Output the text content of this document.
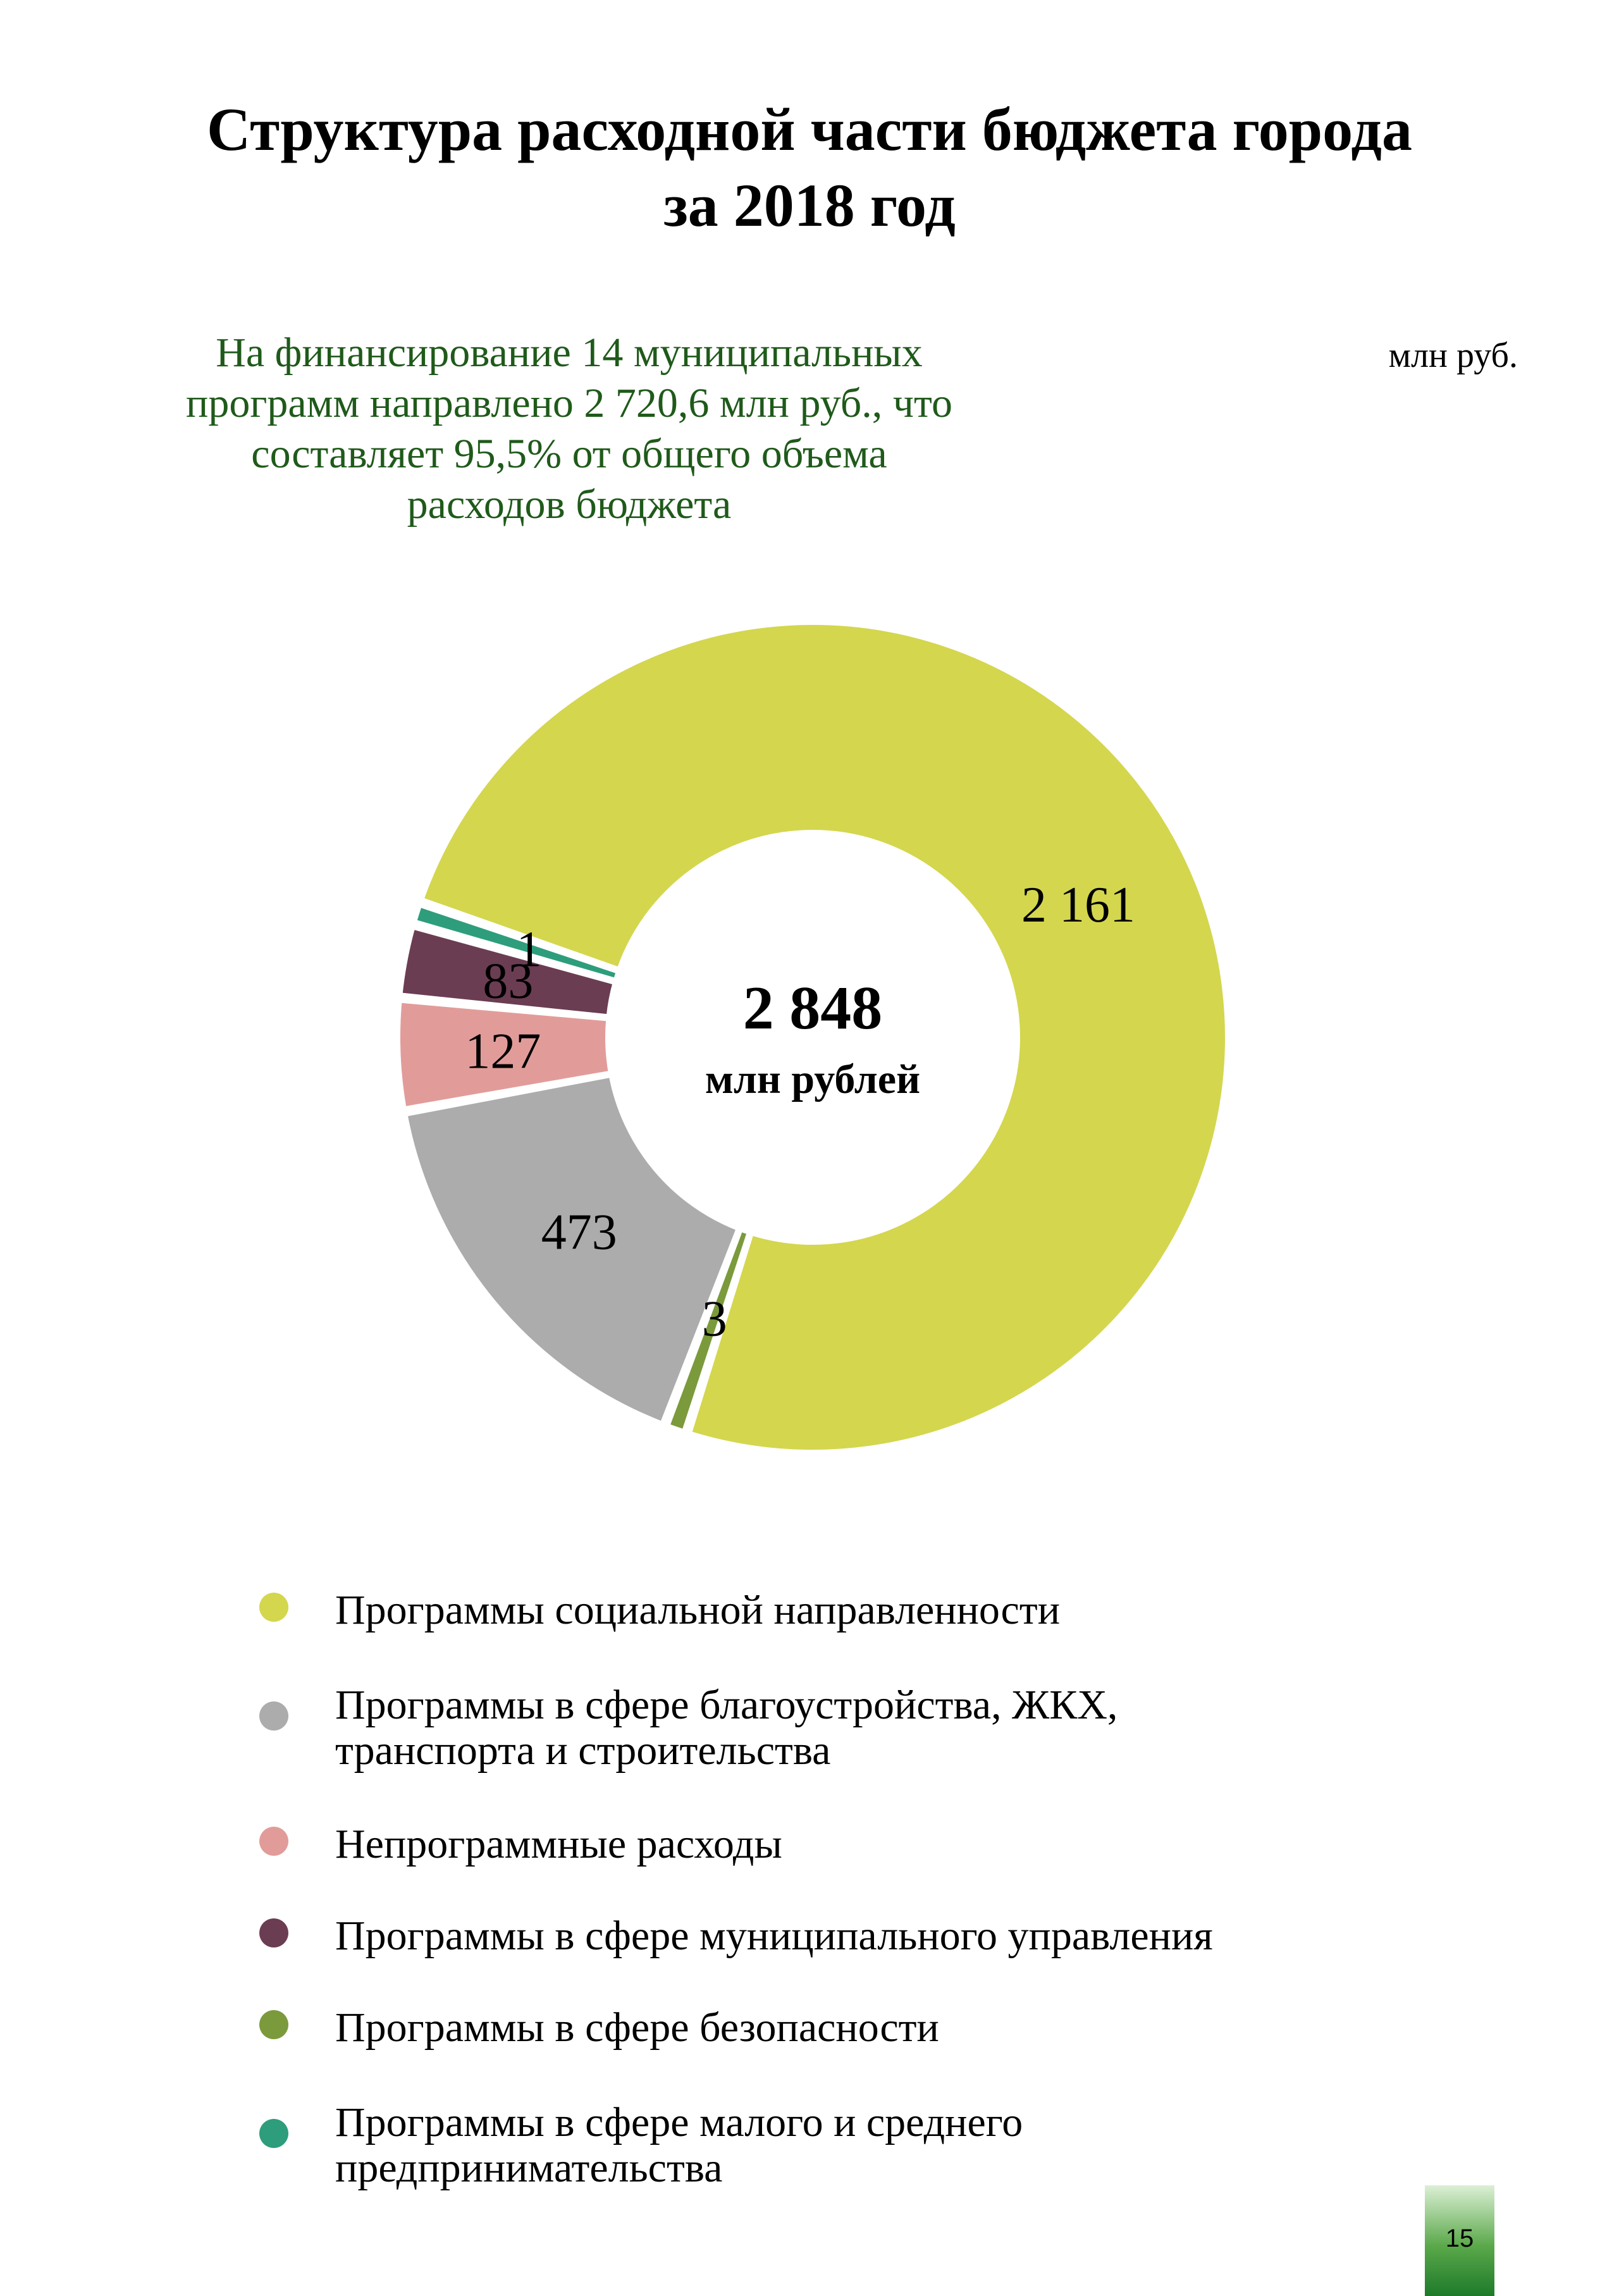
Структура расходной части бюджета города
за 2018 год
На финансирование 14 муниципальных
программ направлено 2 720,6 млн руб., что
составляет 95,5% от общего объема
расходов бюджета
млн руб.
2 161
3
473
127
83
1
2 848
млн рублей
Программы социальной направленности
Программы в сфере благоустройства, ЖКХ,
транспорта и строительства
Непрограммные расходы
Программы в сфере муниципального управления
Программы в сфере безопасности
Программы в сфере малого и среднего
предпринимательства
15
